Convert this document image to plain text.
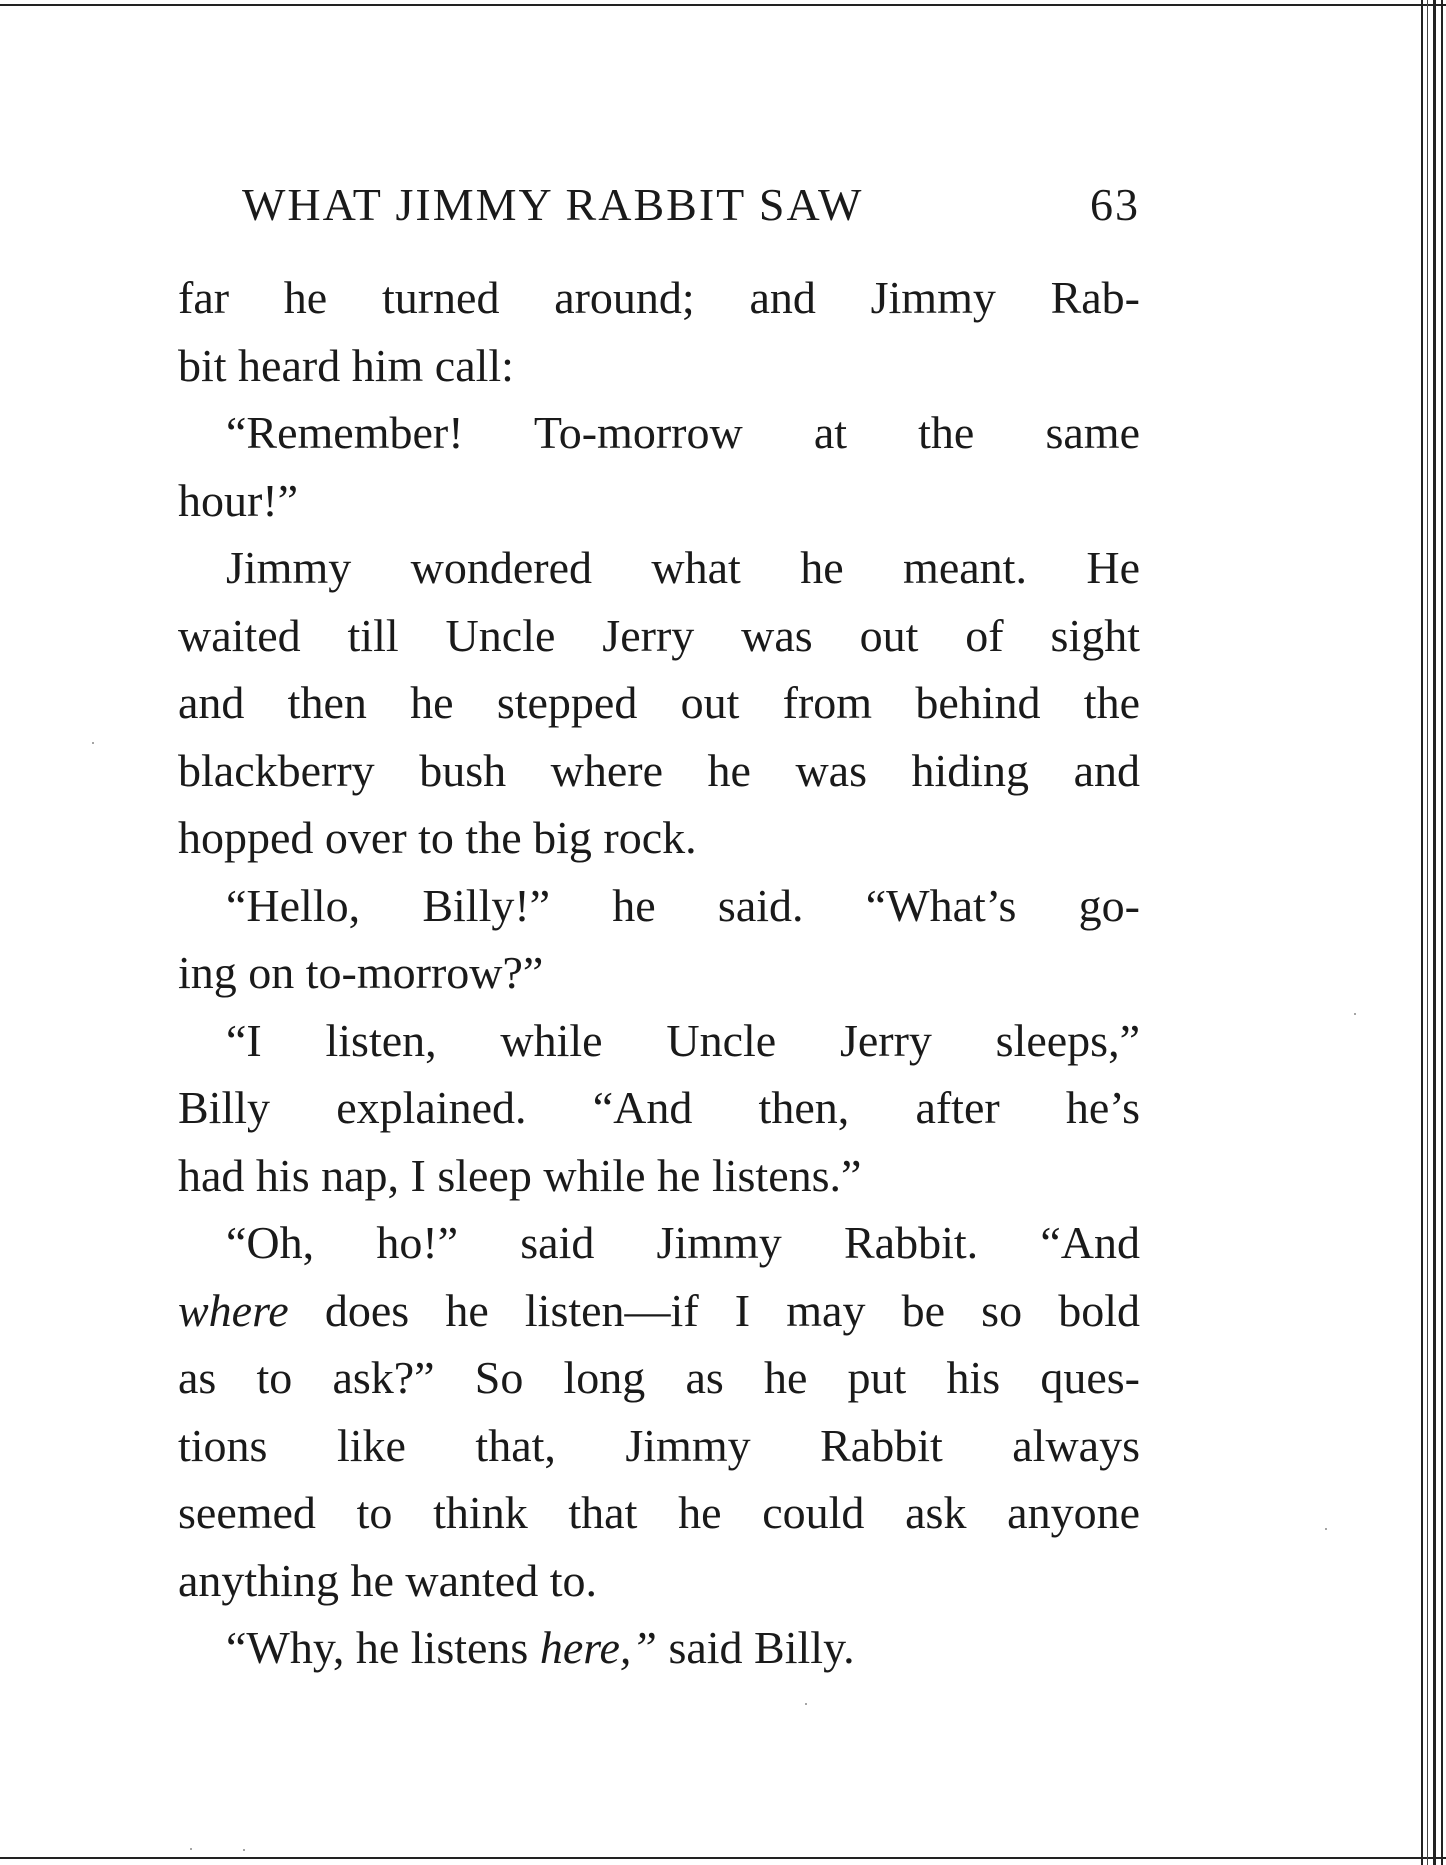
WHAT JIMMY RABBIT SAW	63
far he turned around; and Jimmy Rab-
bit heard him call:
“Remember! To-morrow at the same
hour!”
Jimmy wondered what he meant. He
waited till Uncle Jerry was out of sight
and then he stepped out from behind the
blackberry bush where he was hiding and
hopped over to the big rock.
“Hello, Billy!” he said. “What’s go-
ing on to-morrow?”
“I listen, while Uncle Jerry sleeps,”
Billy explained. “And then, after he’s
had his nap, I sleep while he listens.”
“Oh, ho!” said Jimmy Rabbit. “And
where does he listen—if I may be so bold
as to ask?” So long as he put his ques-
tions like that, Jimmy Rabbit always
seemed to think that he could ask anyone
anything he wanted to.
“Why, he listens here,” said Billy.
